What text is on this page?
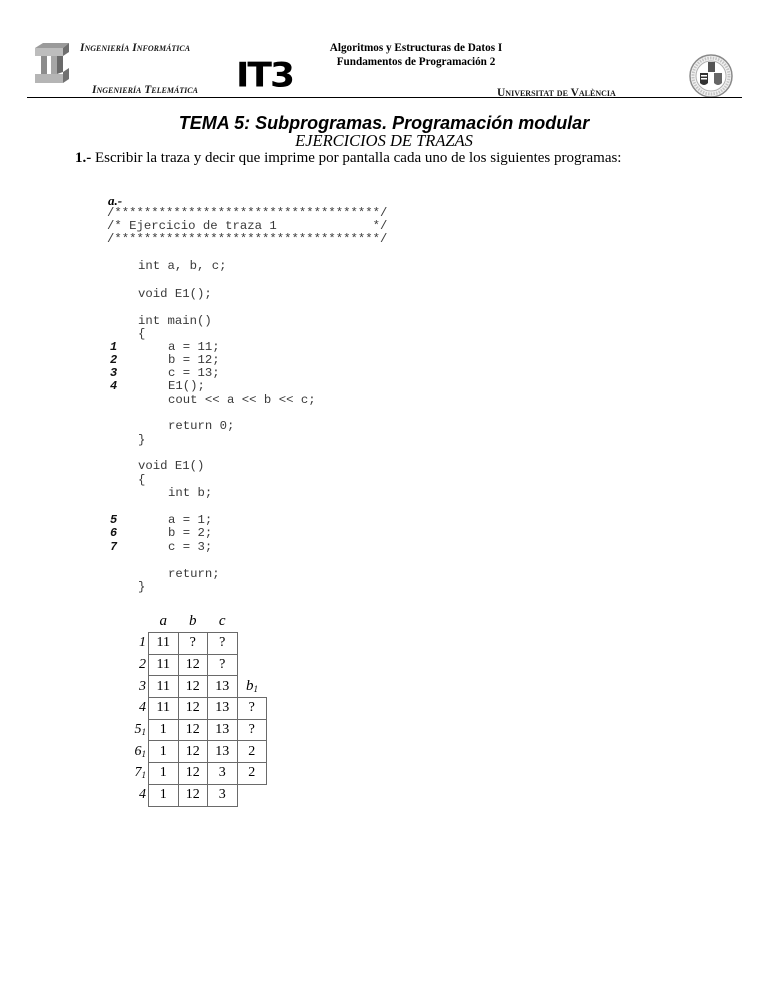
Ingeniería Informática
Ingeniería Telemática IT3
Algoritmos y Estructuras de Datos I
Fundamentos de Programación 2
Universitat de València
TEMA 5: Subprogramas. Programación modular
EJERCICIOS DE TRAZAS
1.- Escribir la traza y decir que imprime por pantalla cada uno de los siguientes programas:
a.-
/************************************/
/* Ejercicio de traza 1             */
/************************************/
int a, b, c;
void E1();
int main()
{
1	a = 11;
2	b = 12;
3	c = 13;
4	E1();
cout << a << b << c;
return 0;
}
void E1()
{
int b;
5	a = 1;
6	b = 2;
7	c = 3;
return;
}
	a	b	c	
1	11	?	?	
2	11	12	?	
3	11	12	13	$b_1$
4	11	12	13	?
$5_1$	1	12	13	?
$6_1$	1	12	13	2
$7_1$	1	12	3	2
4	1	12	3	
